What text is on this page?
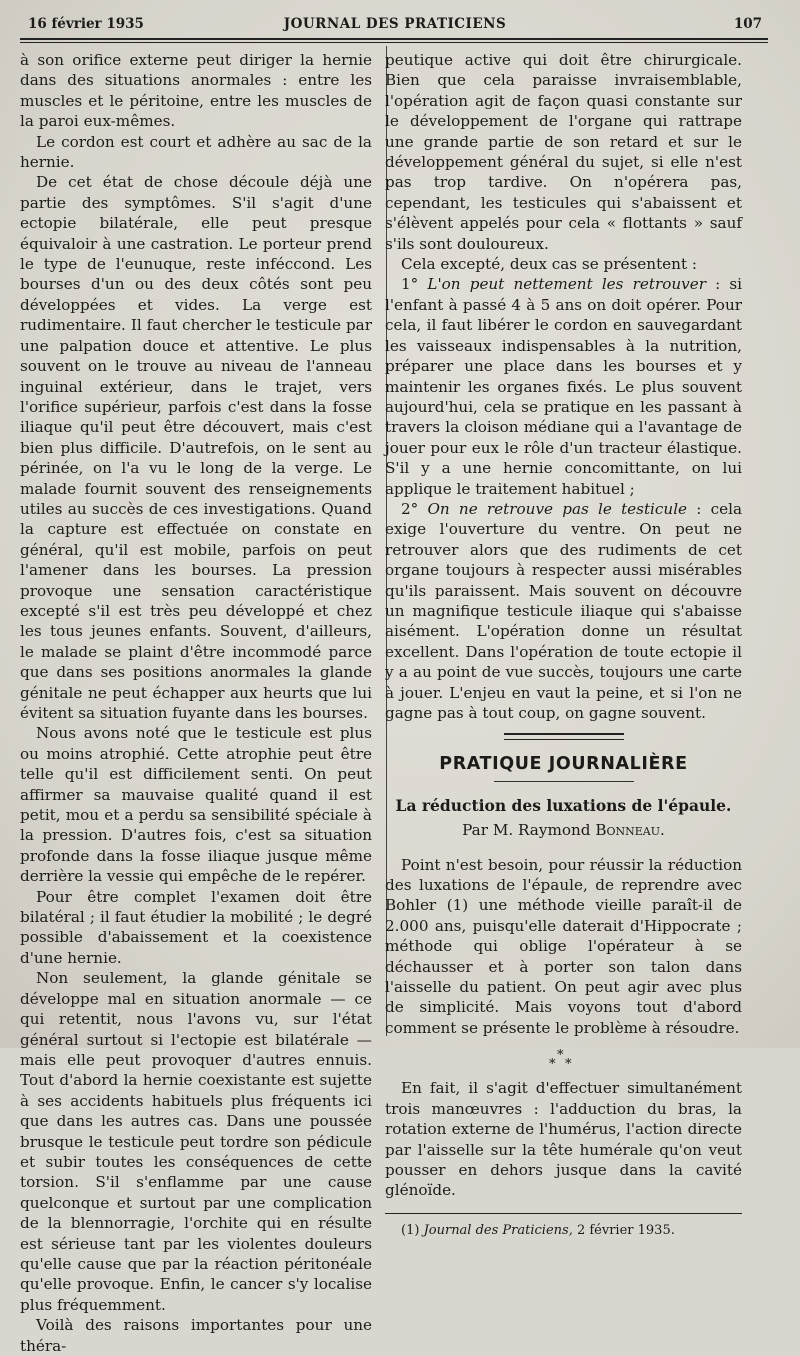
16 février 1935	JOURNAL DES PRATICIENS	107

à son orifice externe peut diriger la hernie dans des situations anormales : entre les muscles et le péritoine, entre les muscles de la paroi eux-mêmes.

Le cordon est court et adhère au sac de la hernie.

De cet état de chose découle déjà une partie des symptômes. S'il s'agit d'une ectopie bilatérale, elle peut presque équivaloir à une castration. Le porteur prend le type de l'eunuque, reste inféccond. Les bourses d'un ou des deux côtés sont peu développées et vides. La verge est rudimentaire. Il faut chercher le testicule par une palpation douce et attentive. Le plus souvent on le trouve au niveau de l'anneau inguinal extérieur, dans le trajet, vers l'orifice supérieur, parfois c'est dans la fosse iliaque qu'il peut être découvert, mais c'est bien plus difficile. D'autrefois, on le sent au périnée, on l'a vu le long de la verge. Le malade fournit souvent des renseignements utiles au succès de ces investigations. Quand la capture est effectuée on constate en général, qu'il est mobile, parfois on peut l'amener dans les bourses. La pression provoque une sensation caractéristique excepté s'il est très peu développé et chez les tous jeunes enfants. Souvent, d'ailleurs, le malade se plaint d'être incommodé parce que dans ses positions anormales la glande génitale ne peut échapper aux heurts que lui évitent sa situation fuyante dans les bourses.

Nous avons noté que le testicule est plus ou moins atrophié. Cette atrophie peut être telle qu'il est difficilement senti. On peut affirmer sa mauvaise qualité quand il est petit, mou et a perdu sa sensibilité spéciale à la pression. D'autres fois, c'est sa situation profonde dans la fosse iliaque jusque même derrière la vessie qui empêche de le repérer.

Pour être complet l'examen doit être bilatéral ; il faut étudier la mobilité ; le degré possible d'abaissement et la coexistence d'une hernie.

Non seulement, la glande génitale se développe mal en situation anormale — ce qui retentit, nous l'avons vu, sur l'état général surtout si l'ectopie est bilatérale — mais elle peut provoquer d'autres ennuis. Tout d'abord la hernie coexistante est sujette à ses accidents habituels plus fréquents ici que dans les autres cas. Dans une poussée brusque le testicule peut tordre son pédicule et subir toutes les conséquences de cette torsion. S'il s'enflamme par une cause quelconque et surtout par une complication de la blennorragie, l'orchite qui en résulte est sérieuse tant par les violentes douleurs qu'elle cause que par la réaction péritonéale qu'elle provoque. Enfin, le cancer s'y localise plus fréquemment.

Voilà des raisons importantes pour une théra-

peutique active qui doit être chirurgicale. Bien que cela paraisse invraisemblable, l'opération agit de façon quasi constante sur le développement de l'organe qui rattrape une grande partie de son retard et sur le développement général du sujet, si elle n'est pas trop tardive. On n'opérera pas, cependant, les testicules qui s'abaissent et s'élèvent appelés pour cela « flottants » sauf s'ils sont douloureux.

Cela excepté, deux cas se présentent :

1° L'on peut nettement les retrouver : si l'enfant à passé 4 à 5 ans on doit opérer. Pour cela, il faut libérer le cordon en sauvegardant les vaisseaux indispensables à la nutrition, préparer une place dans les bourses et y maintenir les organes fixés. Le plus souvent aujourd'hui, cela se pratique en les passant à travers la cloison médiane qui a l'avantage de jouer pour eux le rôle d'un tracteur élastique. S'il y a une hernie concomittante, on lui applique le traitement habituel ;

2° On ne retrouve pas le testicule : cela exige l'ouverture du ventre. On peut ne retrouver alors que des rudiments de cet organe toujours à respecter aussi misérables qu'ils paraissent. Mais souvent on découvre un magnifique testicule iliaque qui s'abaisse aisément. L'opération donne un résultat excellent. Dans l'opération de toute ectopie il y a au point de vue succès, toujours une carte à jouer. L'enjeu en vaut la peine, et si l'on ne gagne pas à tout coup, on gagne souvent.

PRATIQUE JOURNALIÈRE
La réduction des luxations de l'épaule.
Par M. Raymond Bonneau.

Point n'est besoin, pour réussir la réduction des luxations de l'épaule, de reprendre avec Bohler (1) une méthode vieille paraît-il de 2.000 ans, puisqu'elle daterait d'Hippocrate ; méthode qui oblige l'opérateur à se déchausser et à porter son talon dans l'aisselle du patient. On peut agir avec plus de simplicité. Mais voyons tout d'abord comment se présente le problème à résoudre.

*
* *

En fait, il s'agit d'effectuer simultanément trois manœuvres : l'adduction du bras, la rotation externe de l'humérus, l'action directe par l'aisselle sur la tête humérale qu'on veut pousser en dehors jusque dans la cavité glénoïde.

(1) Journal des Praticiens, 2 février 1935.
